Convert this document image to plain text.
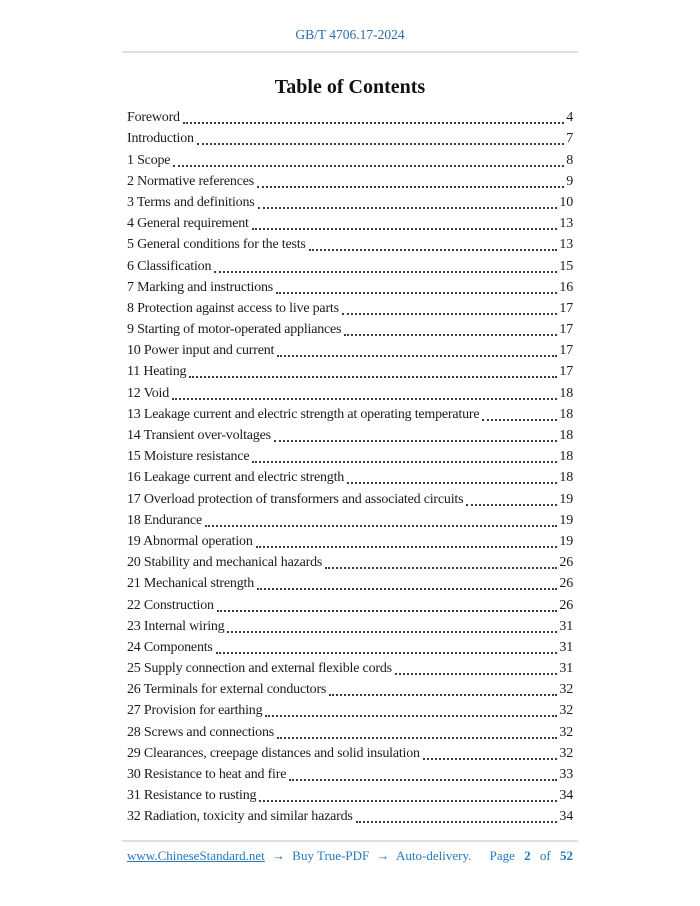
GB/T 4706.17-2024
Table of Contents
Foreword	4
Introduction	7
1 Scope	8
2 Normative references	9
3 Terms and definitions	10
4 General requirement	13
5 General conditions for the tests	13
6 Classification	15
7 Marking and instructions	16
8 Protection against access to live parts	17
9 Starting of motor-operated appliances	17
10 Power input and current	17
11 Heating	17
12 Void	18
13 Leakage current and electric strength at operating temperature	18
14 Transient over-voltages	18
15 Moisture resistance	18
16 Leakage current and electric strength	18
17 Overload protection of transformers and associated circuits	19
18 Endurance	19
19 Abnormal operation	19
20 Stability and mechanical hazards	26
21 Mechanical strength	26
22 Construction	26
23 Internal wiring	31
24 Components	31
25 Supply connection and external flexible cords	31
26 Terminals for external conductors	32
27 Provision for earthing	32
28 Screws and connections	32
29 Clearances, creepage distances and solid insulation	32
30 Resistance to heat and fire	33
31 Resistance to rusting	34
32 Radiation, toxicity and similar hazards	34
www.ChineseStandard.net → Buy True-PDF → Auto-delivery.	Page 2 of 52
